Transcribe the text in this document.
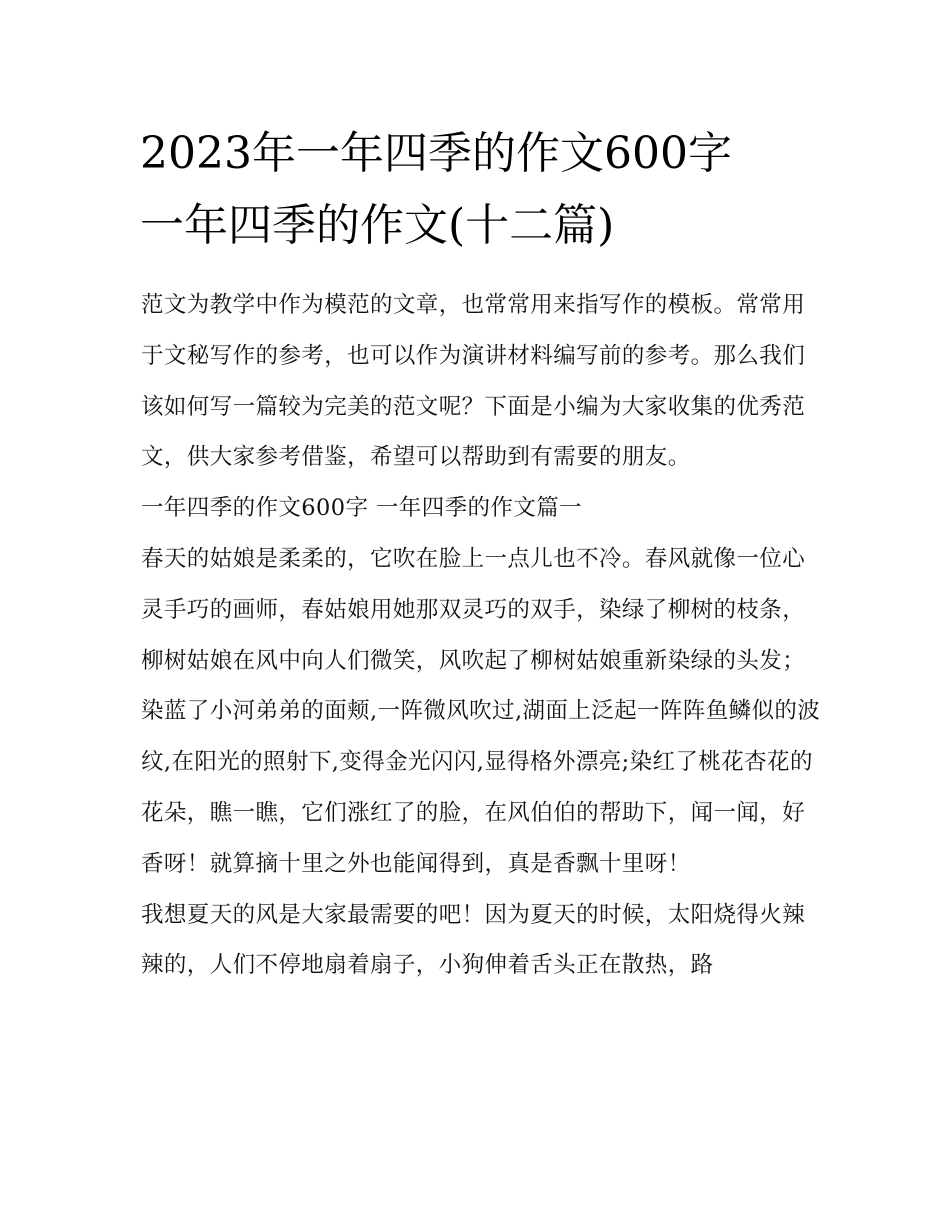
2023年一年四季的作文600字
一年四季的作文(十二篇)

范文为教学中作为模范的文章，也常常用来指写作的模板。常常用于文秘写作的参考，也可以作为演讲材料编写前的参考。那么我们该如何写一篇较为完美的范文呢？下面是小编为大家收集的优秀范文，供大家参考借鉴，希望可以帮助到有需要的朋友。

一年四季的作文600字 一年四季的作文篇一

春天的姑娘是柔柔的，它吹在脸上一点儿也不冷。春风就像一位心灵手巧的画师，春姑娘用她那双灵巧的双手，染绿了柳树的枝条，柳树姑娘在风中向人们微笑，风吹起了柳树姑娘重新染绿的头发；染蓝了小河弟弟的面颊,一阵微风吹过,湖面上泛起一阵阵鱼鳞似的波纹,在阳光的照射下,变得金光闪闪,显得格外漂亮;染红了桃花杏花的花朵，瞧一瞧，它们涨红了的脸，在风伯伯的帮助下，闻一闻，好香呀！就算摘十里之外也能闻得到，真是香飘十里呀！

我想夏天的风是大家最需要的吧！因为夏天的时候，太阳烧得火辣辣的，人们不停地扇着扇子，小狗伸着舌头正在散热，路
